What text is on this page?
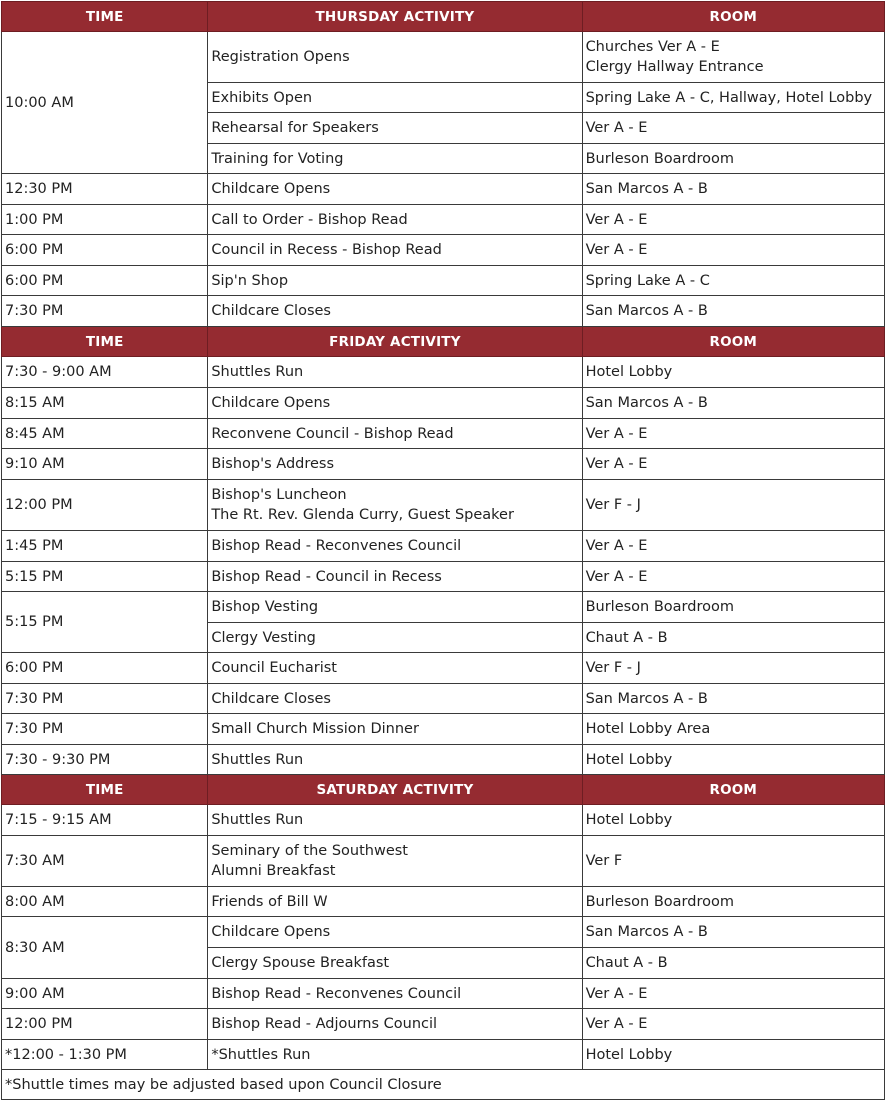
TIME	THURSDAY ACTIVITY	ROOM
10:00 AM	Registration Opens	Churches Ver A - E
Clergy Hallway Entrance

	Exhibits Open	Spring Lake A - C, Hallway, Hotel Lobby

	Rehearsal for Speakers	Ver A - E

	Training for Voting	Burleson Boardroom

12:30 PM	Childcare Opens	San Marcos A - B

1:00 PM	Call to Order - Bishop Read	Ver A - E

6:00 PM	Council in Recess - Bishop Read	Ver A - E

6:00 PM	Sip'n Shop	Spring Lake A - C

7:30 PM	Childcare Closes	San Marcos A - B

TIME	FRIDAY ACTIVITY	ROOM
7:30 - 9:00 AM	Shuttles Run	Hotel Lobby

8:15 AM	Childcare Opens	San Marcos A - B

8:45 AM	Reconvene Council - Bishop Read	Ver A - E

9:10 AM	Bishop's Address	Ver A - E

12:00 PM	Bishop's Luncheon
The Rt. Rev. Glenda Curry, Guest Speaker	Ver F - J

1:45 PM	Bishop Read - Reconvenes Council	Ver A - E

5:15 PM	Bishop Read - Council in Recess	Ver A - E

5:15 PM	Bishop Vesting	Burleson Boardroom

	Clergy Vesting	Chaut A - B

6:00 PM	Council Eucharist	Ver F - J

7:30 PM	Childcare Closes	San Marcos A - B

7:30 PM	Small Church Mission Dinner	Hotel Lobby Area

7:30 - 9:30 PM	Shuttles Run	Hotel Lobby

TIME	SATURDAY ACTIVITY	ROOM
7:15 - 9:15 AM	Shuttles Run	Hotel Lobby

7:30 AM	Seminary of the Southwest
Alumni Breakfast	Ver F

8:00 AM	Friends of Bill W	Burleson Boardroom

8:30 AM	Childcare Opens	San Marcos A - B

	Clergy Spouse Breakfast	Chaut A - B

9:00 AM	Bishop Read - Reconvenes Council	Ver A - E

12:00 PM	Bishop Read - Adjourns Council	Ver A - E

*12:00 - 1:30 PM	*Shuttles Run	Hotel Lobby

*Shuttle times may be adjusted based upon Council Closure		
